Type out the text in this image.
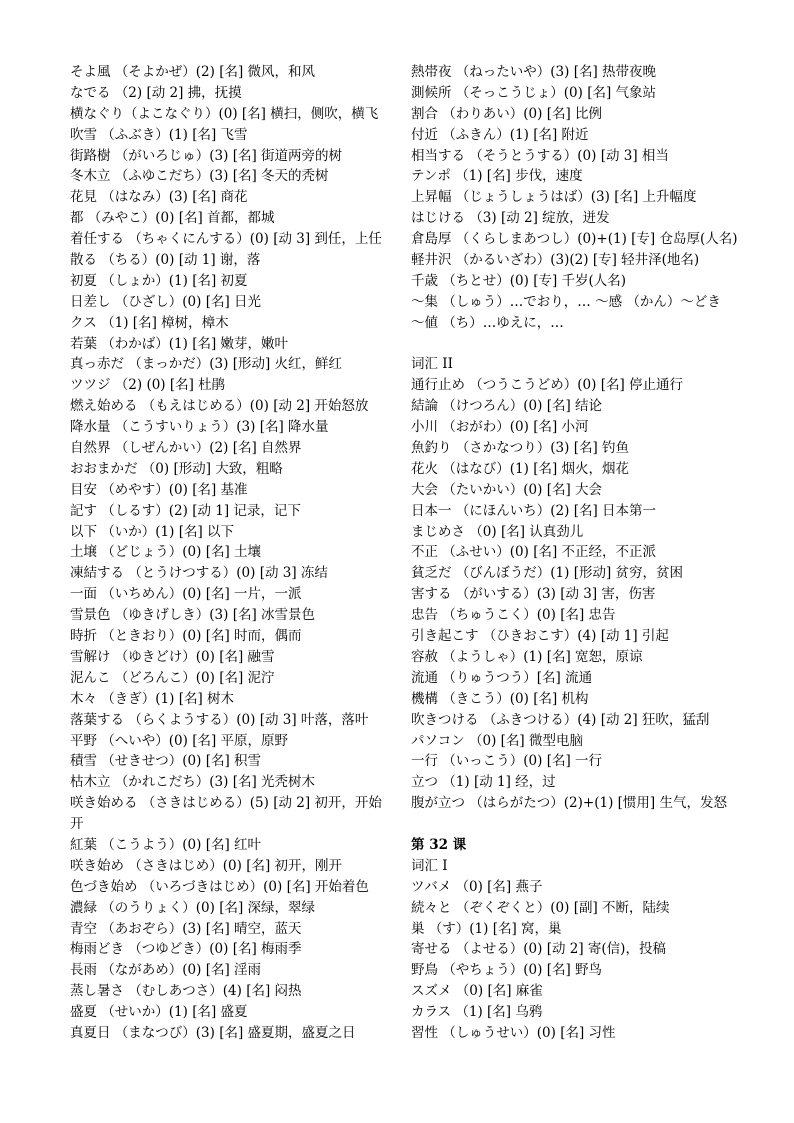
そよ風 （そよかぜ）(2) [名] 微风，和风
なでる （2) [动 2] 拂，抚摸
横なぐり（よこなぐり）(0) [名] 横扫，侧吹，横飞
吹雪 （ふぶき）(1) [名] 飞雪
街路樹 （がいろじゅ）(3) [名] 街道两旁的树
冬木立 （ふゆこだち）(3) [名] 冬天的秃树
花見 （はなみ）(3) [名] 商花
都 （みやこ）(0) [名] 首都，都城
着任する （ちゃくにんする）(0) [动 3] 到任，上任
散る （ちる）(0) [动 1] 谢，落
初夏 （しょか）(1) [名] 初夏
日差し （ひざし）(0) [名] 日光
クス （1) [名] 樟树，樟木
若葉 （わかば）(1) [名] 嫩芽，嫩叶
真っ赤だ （まっかだ）(3) [形动] 火红，鲜红
ツツジ （2) (0) [名] 杜鹃
燃え始める （もえはじめる）(0) [动 2] 开始怒放
降水量 （こうすいりょう）(3) [名] 降水量
自然界 （しぜんかい）(2) [名] 自然界
おおまかだ （0) [形动] 大致，粗略
目安 （めやす）(0) [名] 基准
記す （しるす）(2) [动 1] 记录，记下
以下 （いか）(1) [名] 以下
土壌 （どじょう）(0) [名] 土壤
凍結する （とうけつする）(0) [动 3] 冻结
一面 （いちめん）(0) [名] 一片，一派
雪景色 （ゆきげしき）(3) [名] 冰雪景色
時折 （ときおり）(0) [名] 时而，偶而
雪解け （ゆきどけ）(0) [名] 融雪
泥んこ （どろんこ）(0) [名] 泥泞
木々 （きぎ）(1) [名] 树木
落葉する （らくようする）(0) [动 3] 叶落，落叶
平野 （へいや）(0) [名] 平原，原野
積雪 （せきせつ）(0) [名] 积雪
枯木立 （かれこだち）(3) [名] 光秃树木
咲き始める （さきはじめる）(5) [动 2] 初开，开始开
紅葉 （こうよう）(0) [名] 红叶
咲き始め （さきはじめ）(0) [名] 初开，刚开
色づき始め （いろづきはじめ）(0) [名] 开始着色
濃緑 （のうりょく）(0) [名] 深绿，翠绿
青空 （あおぞら）(3) [名] 晴空，蓝天
梅雨どき （つゆどき）(0) [名] 梅雨季
長雨 （ながあめ）(0) [名] 淫雨
蒸し暑さ （むしあつさ）(4) [名] 闷热
盛夏 （せいか）(1) [名] 盛夏
真夏日 （まなつび）(3) [名] 盛夏期，盛夏之日
熱帯夜 （ねったいや）(3) [名] 热带夜晚
測候所 （そっこうじょ）(0) [名] 气象站
割合 （わりあい）(0) [名] 比例
付近 （ふきん）(1) [名] 附近
相当する （そうとうする）(0) [动 3] 相当
テンポ （1) [名] 步伐，速度
上昇幅 （じょうしょうはば）(3) [名] 上升幅度
はじける （3) [动 2] 绽放，迸发
倉島厚 （くらしまあつし）(0)+(1) [专] 仓岛厚(人名)
軽井沢 （かるいざわ）(3)(2) [专] 轻井泽(地名)
千歳 （ちとせ）(0) [专] 千岁(人名)
～集 （しゅう）…でおり，… ～感 （かん）～どき
～値 （ち）…ゆえに，…
词汇 II
通行止め （つうこうどめ）(0) [名] 停止通行
結論 （けつろん）(0) [名] 结论
小川 （おがわ）(0) [名] 小河
魚釣り （さかなつり）(3) [名] 钓鱼
花火 （はなび）(1) [名] 烟火，烟花
大会 （たいかい）(0) [名] 大会
日本一 （にほんいち）(2) [名] 日本第一
まじめさ （0) [名] 认真劲儿
不正 （ふせい）(0) [名] 不正经，不正派
貧乏だ （びんぼうだ）(1) [形动] 贫穷，贫困
害する （がいする）(3) [动 3] 害，伤害
忠告 （ちゅうこく）(0) [名] 忠告
引き起こす （ひきおこす）(4) [动 1] 引起
容赦 （ようしゃ）(1) [名] 宽恕，原谅
流通 （りゅうつう）[名] 流通
機構 （きこう）(0) [名] 机构
吹きつける （ふきつける）(4) [动 2] 狂吹，猛刮
パソコン （0) [名] 微型电脑
一行 （いっこう）(0) [名] 一行
立つ （1) [动 1] 经，过
腹が立つ （はらがたつ）(2)+(1) [惯用] 生气，发怒
第 32 课
词汇 I
ツバメ （0) [名] 燕子
続々と （ぞくぞくと）(0) [副] 不断，陆续
巣 （す）(1) [名] 窝，巢
寄せる （よせる）(0) [动 2] 寄(信)，投稿
野鳥 （やちょう）(0) [名] 野鸟
スズメ （0) [名] 麻雀
カラス （1) [名] 乌鸦
習性 （しゅうせい）(0) [名] 习性
